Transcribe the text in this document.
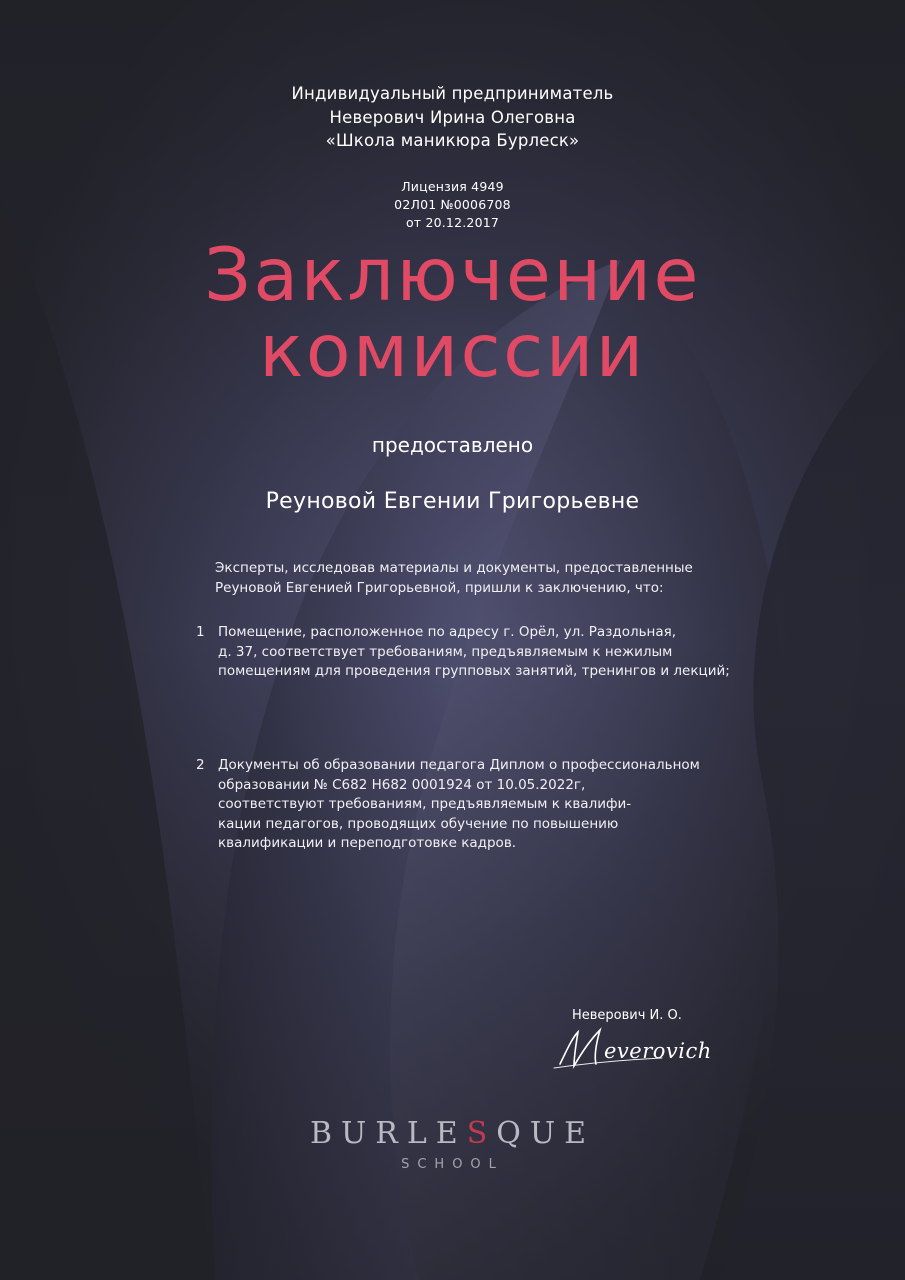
Индивидуальный предприниматель
Неверович Ирина Олеговна
«Школа маникюра Бурлеск»
Лицензия 4949
02Л01 №0006708
от 20.12.2017
Заключение
комиссии
предоставлено
Реуновой Евгении Григорьевне
Эксперты, исследовав материалы и документы, предоставленные
Реуновой Евгенией Григорьевной, пришли к заключению, что:
1 Помещение, расположенное по адресу г. Орёл, ул. Раздольная,
д. 37, соответствует требованиям, предъявляемым к нежилым
помещениям для проведения групповых занятий, тренингов и лекций;
2 Документы об образовании педагога Диплом о профессиональном
образовании № С682 Н682 0001924 от 10.05.2022г,
соответствуют требованиям, предъявляемым к квалифи-
кации педагогов, проводящих обучение по повышению
квалификации и переподготовке кадров.
Неверович И. О.
everovich
BURLESQUE
SCHOOL
